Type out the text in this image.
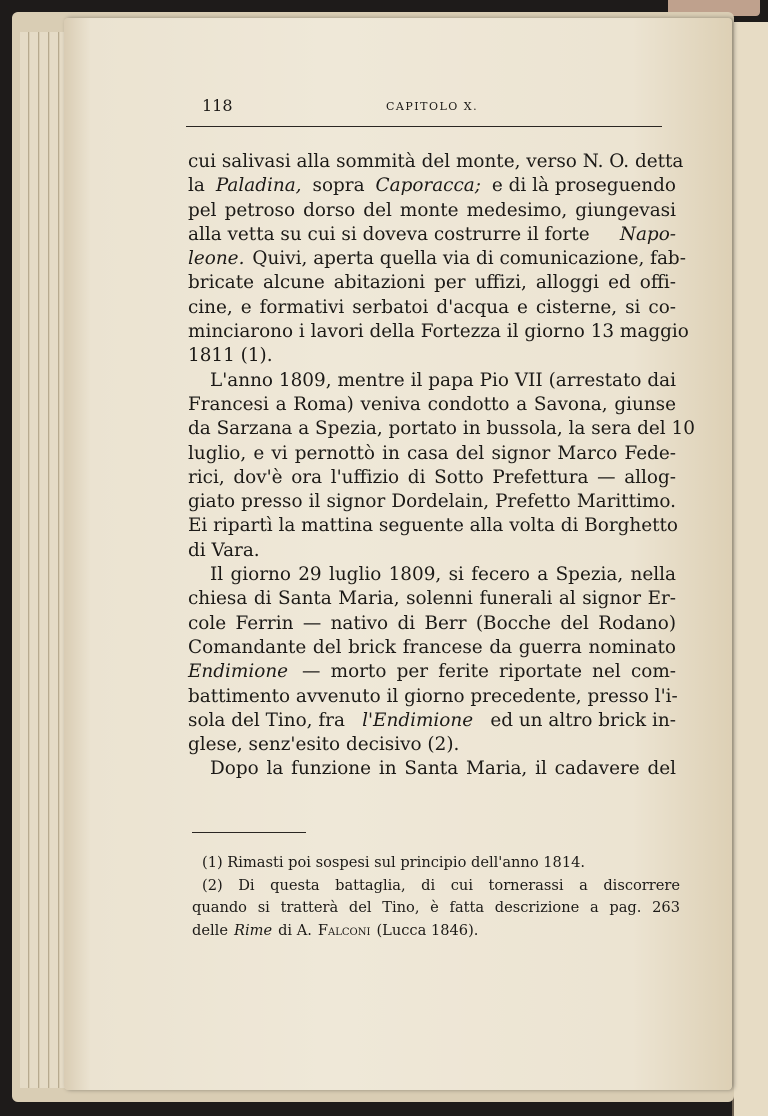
118	CAPITOLO X.
cui salivasi alla sommità del monte, verso N. O. detta
la Paladina, sopra Caporacca; e di là proseguendo
pel petroso dorso del monte medesimo, giungevasi
alla vetta su cui si doveva costrurre il forte Napo-
leone. Quivi, aperta quella via di comunicazione, fab-
bricate alcune abitazioni per uffizi, alloggi ed offi-
cine, e formativi serbatoi d'acqua e cisterne, si co-
minciarono i lavori della Fortezza il giorno 13 maggio
1811 (1).
L'anno 1809, mentre il papa Pio VII (arrestato dai
Francesi a Roma) veniva condotto a Savona, giunse
da Sarzana a Spezia, portato in bussola, la sera del 10
luglio, e vi pernottò in casa del signor Marco Fede-
rici, dov'è ora l'uffizio di Sotto Prefettura — allog-
giato presso il signor Dordelain, Prefetto Marittimo.
Ei ripartì la mattina seguente alla volta di Borghetto
di Vara.
Il giorno 29 luglio 1809, si fecero a Spezia, nella
chiesa di Santa Maria, solenni funerali al signor Er-
cole Ferrin — nativo di Berr (Bocche del Rodano)
Comandante del brick francese da guerra nominato
Endimione — morto per ferite riportate nel com-
battimento avvenuto il giorno precedente, presso l'i-
sola del Tino, fra l'Endimione ed un altro brick in-
glese, senz'esito decisivo (2).
Dopo la funzione in Santa Maria, il cadavere del
(1) Rimasti poi sospesi sul principio dell'anno 1814.
(2) Di questa battaglia, di cui tornerassi a discorrere
quando si tratterà del Tino, è fatta descrizione a pag. 263
delle Rime di A. Falconi (Lucca 1846).
